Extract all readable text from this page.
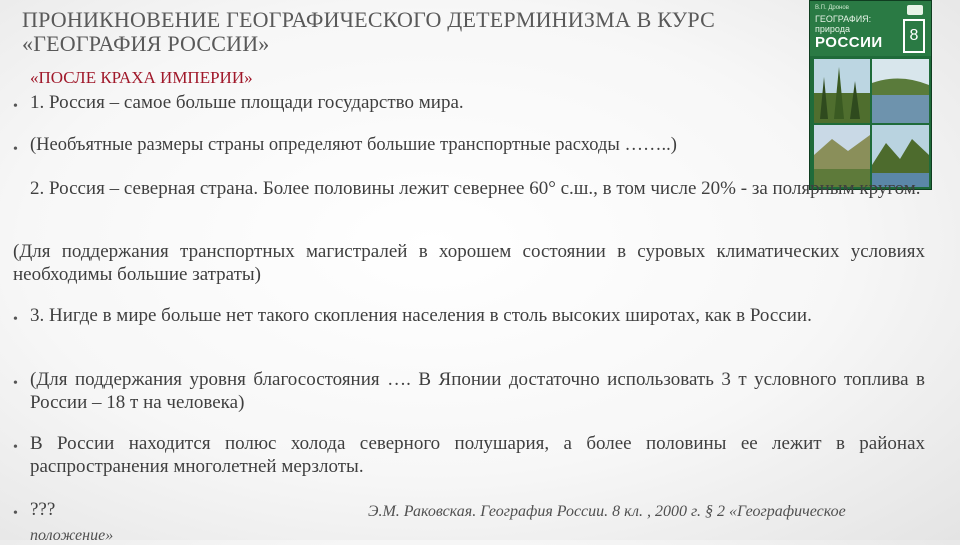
ПРОНИКНОВЕНИЕ ГЕОГРАФИЧЕСКОГО ДЕТЕРМИНИЗМА В КУРС «ГЕОГРАФИЯ РОССИИ»
«ПОСЛЕ КРАХА ИМПЕРИИ»
В.П. Дронов
ГЕОГРАФИЯ:
природа
РОССИИ	8
• 1. Россия – самое больше площади государство мира.
• (Необъятные размеры страны определяют большие транспортные расходы ……..)
2. Россия – северная страна. Более половины лежит севернее 60° с.ш., в том числе 20% - за полярным кругом.
(Для поддержания транспортных магистралей в хорошем состоянии в суровых климатических условиях необходимы большие затраты)
• 3. Нигде в мире больше нет такого скопления населения в столь высоких широтах, как в России.
• (Для поддержания уровня благосостояния …. В Японии достаточно использовать 3 т условного топлива в России – 18 т на человека)
• В России находится полюс холода северного полушария, а более половины ее лежит в районах распространения многолетней мерзлоты.
• ???	Э.М. Раковская. География России. 8 кл. , 2000 г. § 2 «Географическое
положение»
